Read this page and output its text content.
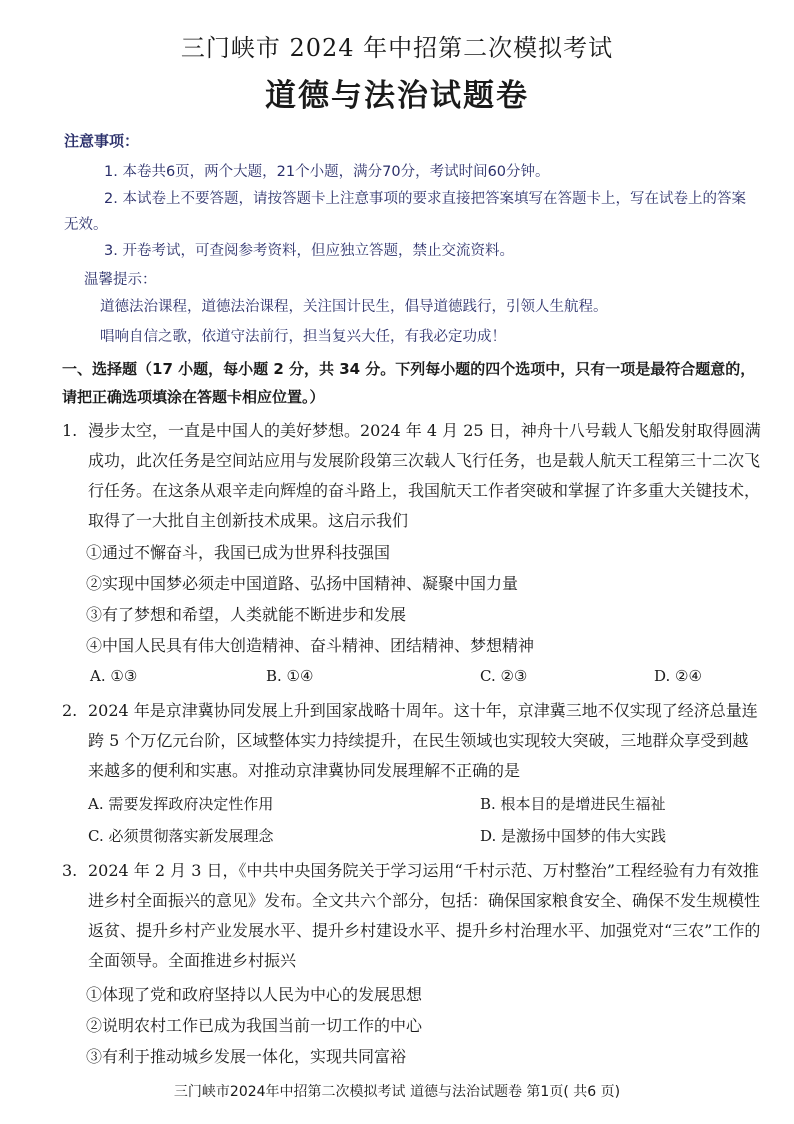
三门峡市 2024 年中招第二次模拟考试
道德与法治试题卷
注意事项：
1. 本卷共6页，两个大题，21个小题，满分70分，考试时间60分钟。
2. 本试卷上不要答题，请按答题卡上注意事项的要求直接把答案填写在答题卡上，写在试卷上的答案无效。
3. 开卷考试，可查阅参考资料，但应独立答题，禁止交流资料。
温馨提示：
道德法治课程，道德法治课程，关注国计民生，倡导道德践行，引领人生航程。
唱响自信之歌，依道守法前行，担当复兴大任，有我必定功成！
一、选择题（17 小题，每小题 2 分，共 34 分。下列每小题的四个选项中，只有一项是最符合题意的，请把正确选项填涂在答题卡相应位置。）
1. 漫步太空，一直是中国人的美好梦想。2024 年 4 月 25 日，神舟十八号载人飞船发射取得圆满成功，此次任务是空间站应用与发展阶段第三次载人飞行任务，也是载人航天工程第三十二次飞行任务。在这条从艰辛走向辉煌的奋斗路上，我国航天工作者突破和掌握了许多重大关键技术，取得了一大批自主创新技术成果。这启示我们
①通过不懈奋斗，我国已成为世界科技强国
②实现中国梦必须走中国道路、弘扬中国精神、凝聚中国力量
③有了梦想和希望，人类就能不断进步和发展
④中国人民具有伟大创造精神、奋斗精神、团结精神、梦想精神
A. ①③	B. ①④	C. ②③	D. ②④
2. 2024 年是京津冀协同发展上升到国家战略十周年。这十年，京津冀三地不仅实现了经济总量连跨 5 个万亿元台阶，区域整体实力持续提升，在民生领域也实现较大突破，三地群众享受到越来越多的便利和实惠。对推动京津冀协同发展理解不正确的是
A. 需要发挥政府决定性作用	B. 根本目的是增进民生福祉
C. 必须贯彻落实新发展理念	D. 是激扬中国梦的伟大实践
3. 2024 年 2 月 3 日，《中共中央国务院关于学习运用“千村示范、万村整治”工程经验有力有效推进乡村全面振兴的意见》发布。全文共六个部分，包括：确保国家粮食安全、确保不发生规模性返贫、提升乡村产业发展水平、提升乡村建设水平、提升乡村治理水平、加强党对“三农”工作的全面领导。全面推进乡村振兴
①体现了党和政府坚持以人民为中心的发展思想
②说明农村工作已成为我国当前一切工作的中心
③有利于推动城乡发展一体化，实现共同富裕
三门峡市2024年中招第二次模拟考试 道德与法治试题卷 第1页( 共6 页)
